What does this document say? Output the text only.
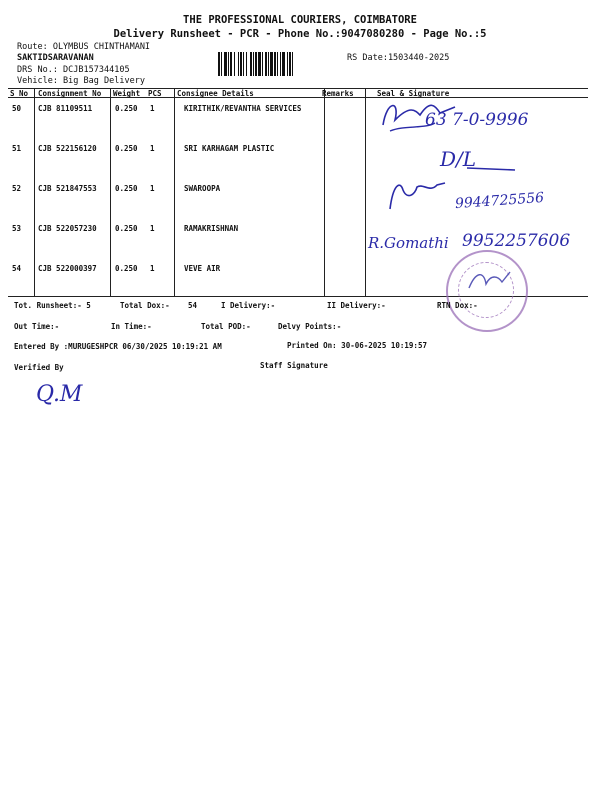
THE PROFESSIONAL COURIERS, COIMBATORE
Delivery Runsheet - PCR - Phone No.:9047080280 - Page No.:5
Route: OLYMBUS CHINTHAMANI
SAKTIDSARAVANAN
DRS No.: DCJB157344105
Vehicle: Big Bag Delivery
RS Date:1503440-2025
S No Consignment No Weight PCS Consignee Details	Remarks	Seal & Signature
50 CJB 81109511	0.250 1	KIRITHIK/REVANTHA SERVICES
51 CJB 522156120 0.250 1	SRI KARHAGAM PLASTIC
52 CJB 521847553 0.250 1	SWAROOPA
53 CJB 522057230 0.250 1	RAMAKRISHNAN
54 CJB 522000397 0.250 1	VEVE AIR
63 7-0-9996
D/L
9944725556
R.Gomathi 9952257606
Tot. Runsheet:- 5	Total Dox:- 54	I Delivery:-	II Delivery:-	RTN Dox:-
Out Time:-	In Time:-	Total POD:-	Delvy Points:-
Entered By :MURUGESHPCR 06/30/2025 10:19:21 AM	Printed On: 30-06-2025 10:19:57
Verified By	Staff Signature
Q.M
